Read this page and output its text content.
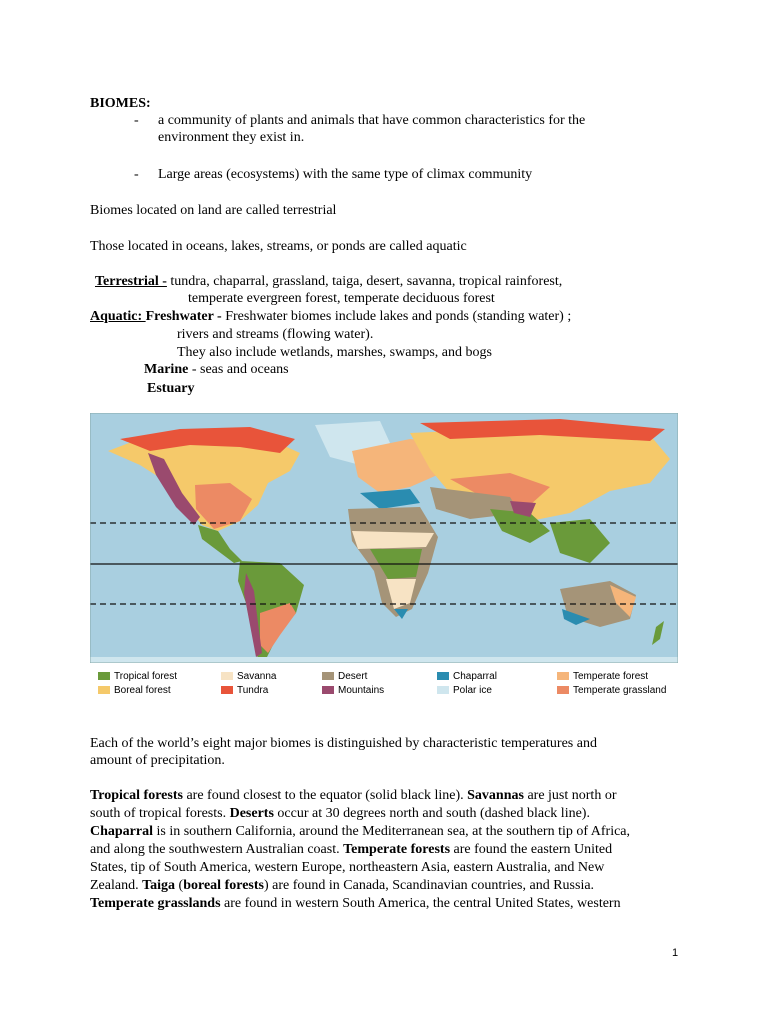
BIOMES:
- a community of plants and animals that have common characteristics for the
environment they exist in.
- Large areas (ecosystems) with the same type of climax community
Biomes located on land are called terrestrial
Those located in oceans, lakes, streams, or ponds are called aquatic
Terrestrial - tundra, chaparral, grassland, taiga, desert, savanna, tropical rainforest,
temperate evergreen forest, temperate deciduous forest
Aquatic: Freshwater - Freshwater biomes include lakes and ponds (standing water) ;
rivers and streams (flowing water).
They also include wetlands, marshes, swamps, and bogs
Marine - seas and oceans
Estuary
Tropical forest
Boreal forest
Savanna
Tundra
Desert
Mountains
Chaparral
Polar ice
Temperate forest
Temperate grassland
Each of the world’s eight major biomes is distinguished by characteristic temperatures and
amount of precipitation.
Tropical forests are found closest to the equator (solid black line). Savannas are just north or
south of tropical forests. Deserts occur at 30 degrees north and south (dashed black line).
Chaparral is in southern California, around the Mediterranean sea, at the southern tip of Africa,
and along the southwestern Australian coast. Temperate forests are found the eastern United
States, tip of South America, western Europe, northeastern Asia, eastern Australia, and New
Zealand. Taiga (boreal forests) are found in Canada, Scandinavian countries, and Russia.
Temperate grasslands are found in western South America, the central United States, western
1
